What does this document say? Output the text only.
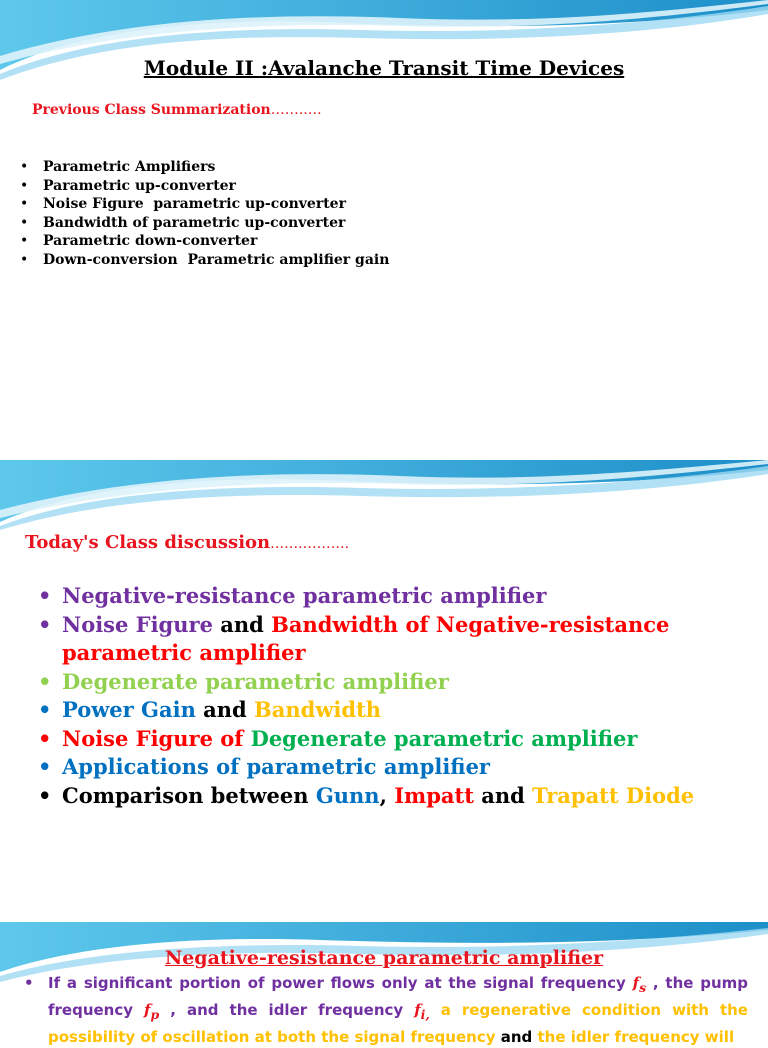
Module II :Avalanche Transit Time Devices
Previous Class Summarization…….….
• Parametric Amplifiers
• Parametric up-converter
• Noise Figure  parametric up-converter
• Bandwidth of parametric up-converter
• Parametric down-converter
• Down-conversion  Parametric amplifier gain
Today's Class discussion…….……….
• Negative-resistance parametric amplifier
• Noise Figure and Bandwidth of Negative-resistance parametric amplifier
• Degenerate parametric amplifier
• Power Gain and Bandwidth
• Noise Figure of Degenerate parametric amplifier
• Applications of parametric amplifier
• Comparison between Gunn, Impatt and Trapatt Diode
Negative-resistance parametric amplifier
• If a significant portion of power flows only at the signal frequency $f_s$ , the pump frequency $f_p$ , and the idler frequency $f_{i,}$ a regenerative condition with the possibility of oscillation at both the signal frequency and the idler frequency will
